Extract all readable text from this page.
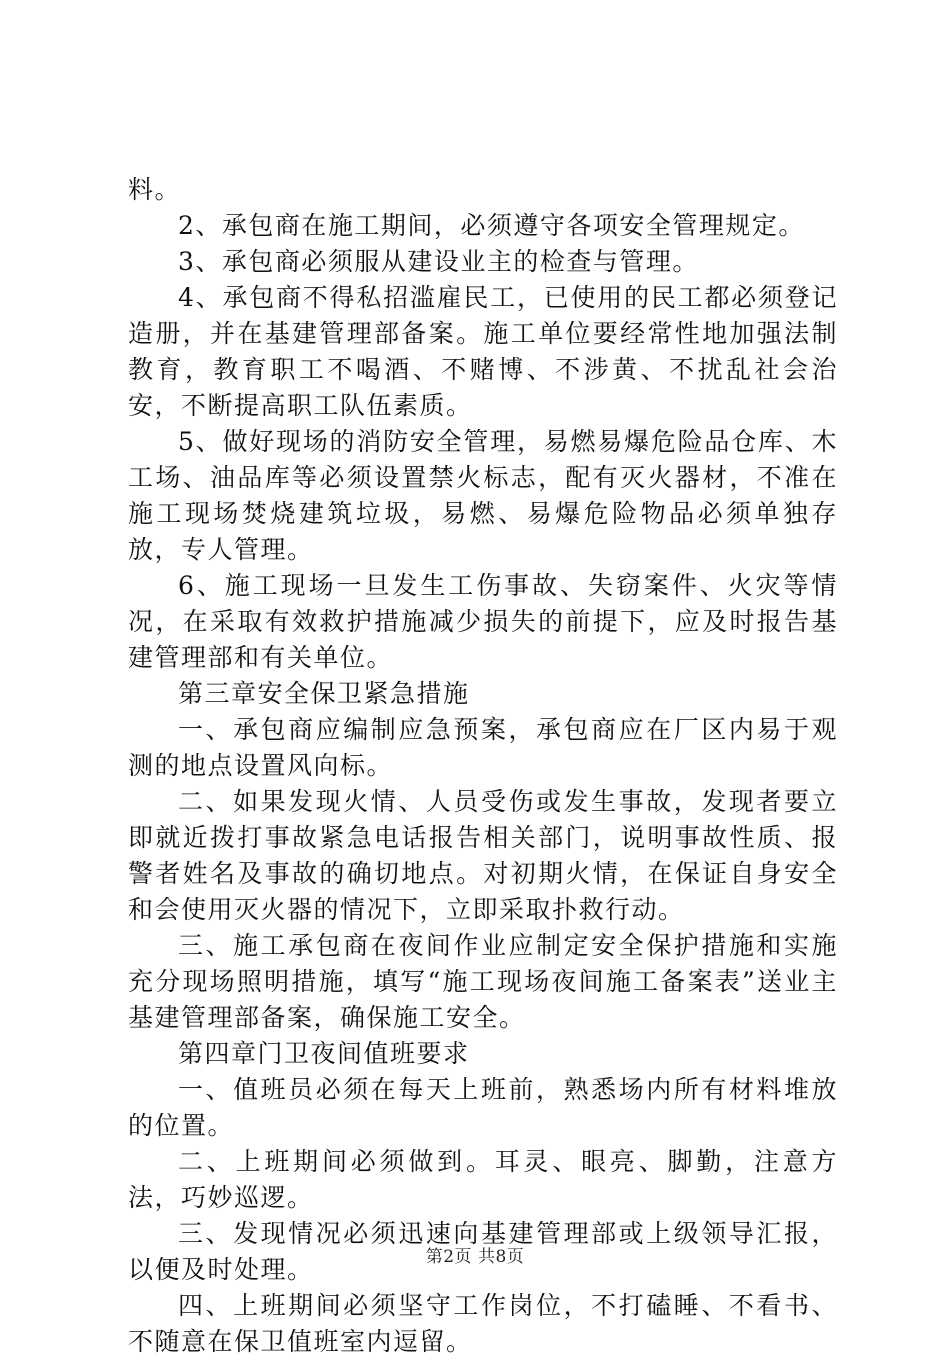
料。

2、承包商在施工期间，必须遵守各项安全管理规定。

3、承包商必须服从建设业主的检查与管理。

4、承包商不得私招滥雇民工，已使用的民工都必须登记造册，并在基建管理部备案。施工单位要经常性地加强法制教育，教育职工不喝酒、不赌博、不涉黄、不扰乱社会治安，不断提高职工队伍素质。

5、做好现场的消防安全管理，易燃易爆危险品仓库、木工场、油品库等必须设置禁火标志，配有灭火器材，不准在施工现场焚烧建筑垃圾，易燃、易爆危险物品必须单独存放，专人管理。

6、施工现场一旦发生工伤事故、失窃案件、火灾等情况，在采取有效救护措施减少损失的前提下，应及时报告基建管理部和有关单位。

第三章安全保卫紧急措施

一、承包商应编制应急预案，承包商应在厂区内易于观测的地点设置风向标。

二、如果发现火情、人员受伤或发生事故，发现者要立即就近拨打事故紧急电话报告相关部门，说明事故性质、报警者姓名及事故的确切地点。对初期火情，在保证自身安全和会使用灭火器的情况下，立即采取扑救行动。

三、施工承包商在夜间作业应制定安全保护措施和实施充分现场照明措施，填写“施工现场夜间施工备案表”送业主基建管理部备案，确保施工安全。

第四章门卫夜间值班要求

一、值班员必须在每天上班前，熟悉场内所有材料堆放的位置。

二、上班期间必须做到。耳灵、眼亮、脚勤，注意方法，巧妙巡逻。

三、发现情况必须迅速向基建管理部或上级领导汇报，以便及时处理。

四、上班期间必须坚守工作岗位，不打磕睡、不看书、不随意在保卫值班室内逗留。

第2页 共8页
